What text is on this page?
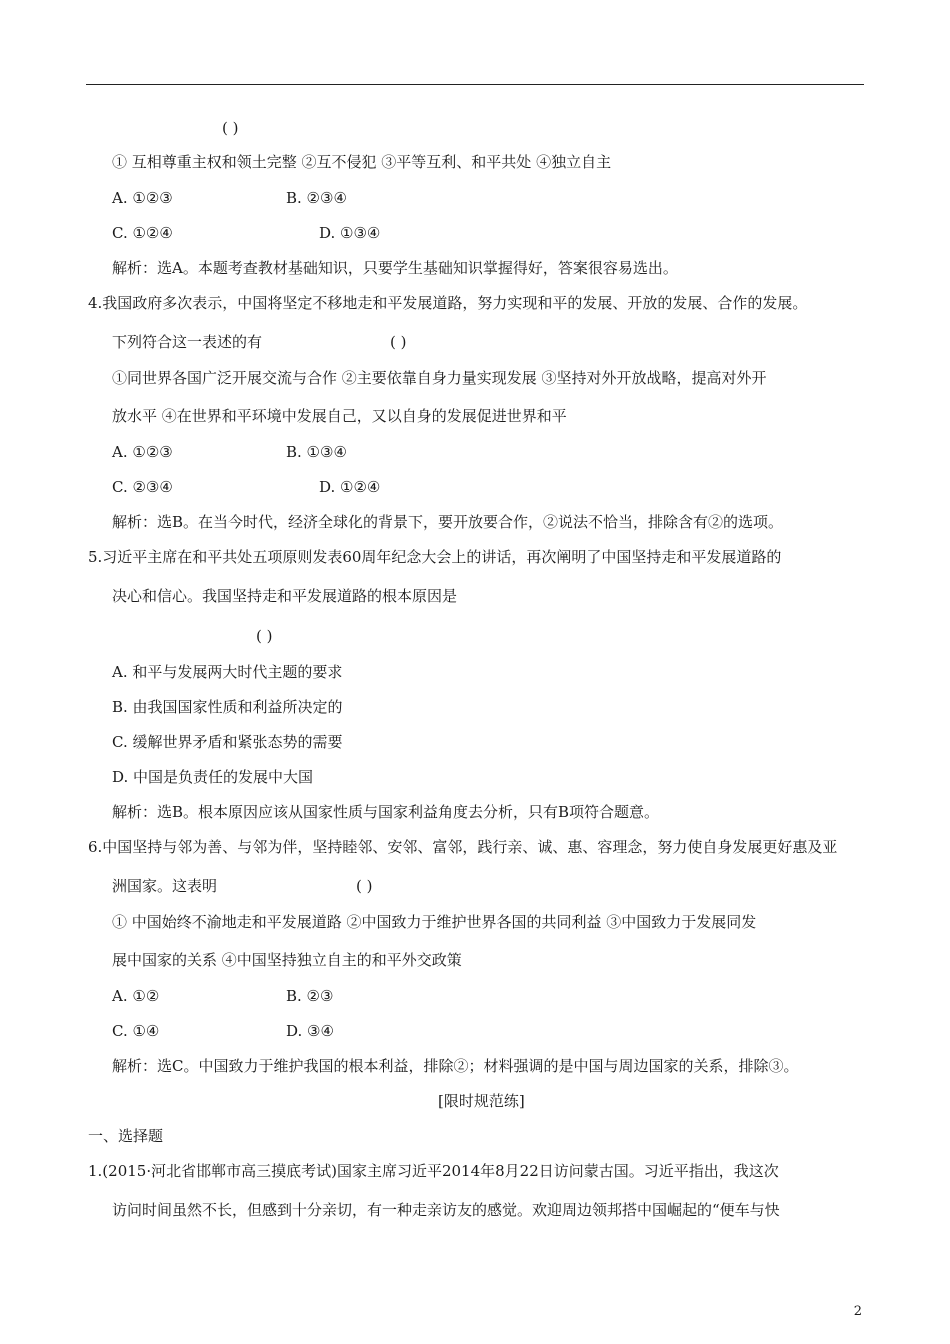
( )
① 互相尊重主权和领土完整 ②互不侵犯 ③平等互利、和平共处 ④独立自主
A. ①②③	B. ②③④
C. ①②④	D. ①③④
解析：选A。本题考查教材基础知识，只要学生基础知识掌握得好，答案很容易选出。
4.我国政府多次表示，中国将坚定不移地走和平发展道路，努力实现和平的发展、开放的发展、合作的发展。
下列符合这一表述的有	( )
①同世界各国广泛开展交流与合作 ②主要依靠自身力量实现发展 ③坚持对外开放战略，提高对外开
放水平 ④在世界和平环境中发展自己，又以自身的发展促进世界和平
A. ①②③	B. ①③④
C. ②③④	D. ①②④
解析：选B。在当今时代，经济全球化的背景下，要开放要合作，②说法不恰当，排除含有②的选项。
5.习近平主席在和平共处五项原则发表60周年纪念大会上的讲话，再次阐明了中国坚持走和平发展道路的
决心和信心。我国坚持走和平发展道路的根本原因是
( )
A. 和平与发展两大时代主题的要求
B. 由我国国家性质和利益所决定的
C. 缓解世界矛盾和紧张态势的需要
D. 中国是负责任的发展中大国
解析：选B。根本原因应该从国家性质与国家利益角度去分析，只有B项符合题意。
6.中国坚持与邻为善、与邻为伴，坚持睦邻、安邻、富邻，践行亲、诚、惠、容理念，努力使自身发展更好惠及亚
洲国家。这表明	( )
① 中国始终不渝地走和平发展道路 ②中国致力于维护世界各国的共同利益 ③中国致力于发展同发
展中国家的关系 ④中国坚持独立自主的和平外交政策
A. ①②	B. ②③
C. ①④	D. ③④
解析：选C。中国致力于维护我国的根本利益，排除②；材料强调的是中国与周边国家的关系，排除③。
[限时规范练]
一、选择题
1.(2015·河北省邯郸市高三摸底考试)国家主席习近平2014年8月22日访问蒙古国。习近平指出，我这次
访问时间虽然不长，但感到十分亲切，有一种走亲访友的感觉。欢迎周边领邦搭中国崛起的“便车与快
2
